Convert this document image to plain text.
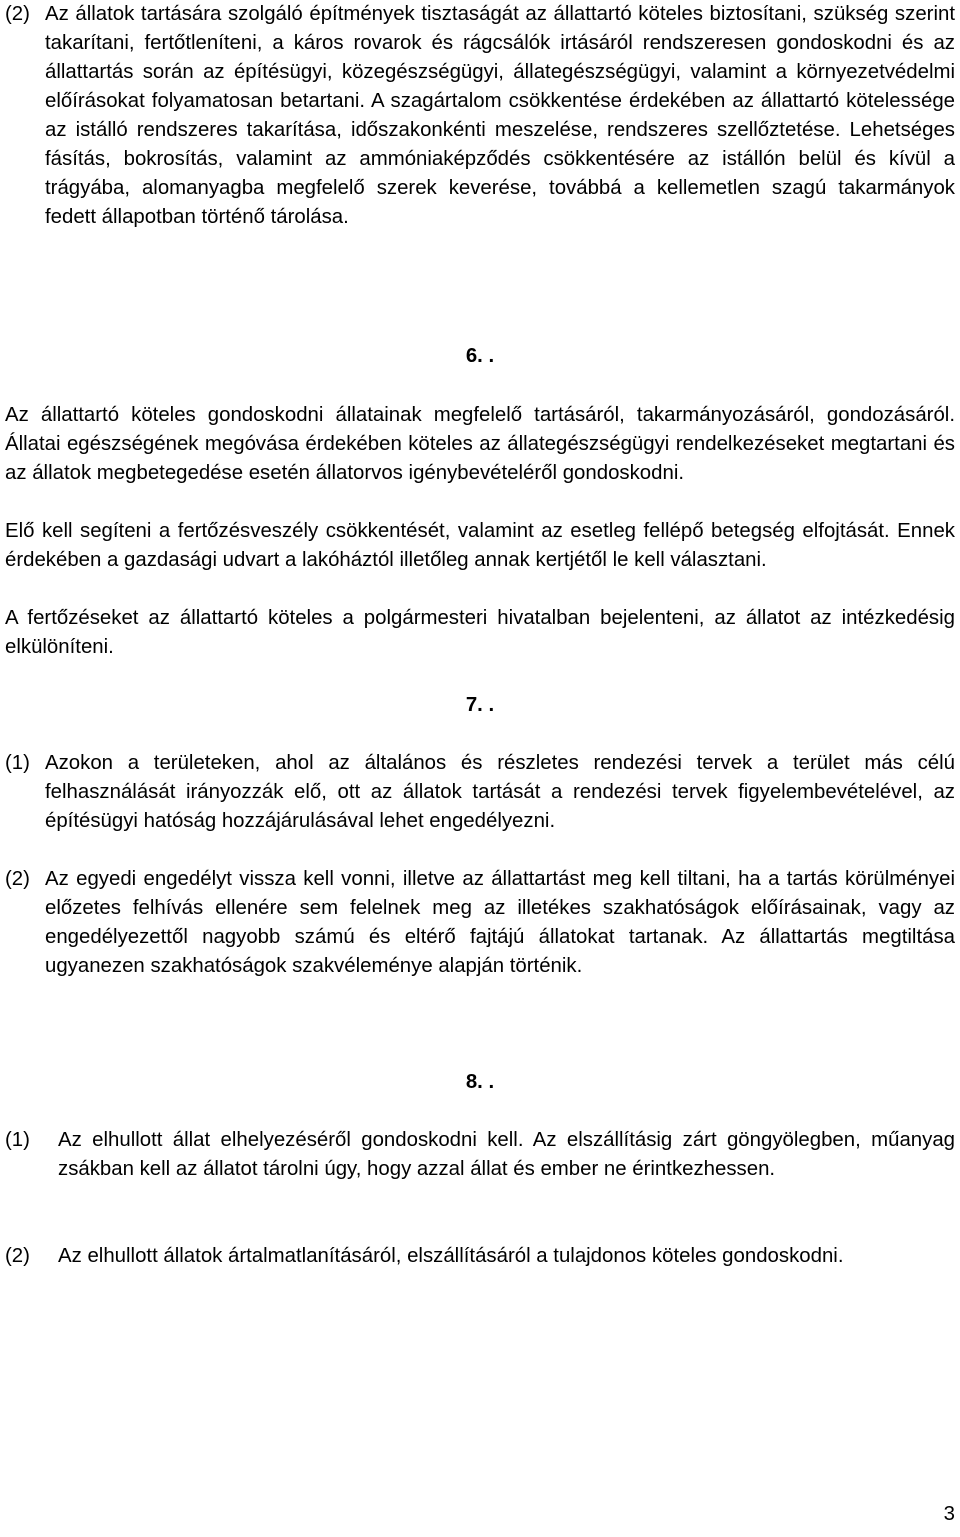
(2) Az állatok tartására szolgáló építmények tisztaságát az állattartó köteles biztosítani, szükség szerint takarítani, fertőtleníteni, a káros rovarok és rágcsálók irtásáról rendszeresen gondoskodni és az állattartás során az építésügyi, közegészségügyi, állategészségügyi, valamint a környezetvédelmi előírásokat folyamatosan betartani. A szagártalom csökkentése érdekében az állattartó kötelessége az istálló rendszeres takarítása, időszakonkénti meszelése, rendszeres szellőztetése. Lehetséges fásítás, bokrosítás, valamint az ammóniaképződés csökkentésére az istállón belül és kívül a trágyába, alomanyagba megfelelő szerek keverése, továbbá a kellemetlen szagú takarmányok fedett állapotban történő tárolása.

6. .

Az állattartó köteles gondoskodni állatainak megfelelő tartásáról, takarmányozásáról, gondozásáról. Állatai egészségének megóvása érdekében köteles az állategészségügyi rendelkezéseket megtartani és az állatok megbetegedése esetén állatorvos igénybevételéről gondoskodni.

Elő kell segíteni a fertőzésveszély csökkentését, valamint az esetleg fellépő betegség elfojtását. Ennek érdekében a gazdasági udvart a lakóháztól illetőleg annak kertjétől le kell választani.

A fertőzéseket az állattartó köteles a polgármesteri hivatalban bejelenteni, az állatot az intézkedésig elkülöníteni.

7. .

(1) Azokon a területeken, ahol az általános és részletes rendezési tervek a terület más célú felhasználását irányozzák elő, ott az állatok tartását a rendezési tervek figyelembevételével, az építésügyi hatóság hozzájárulásával lehet engedélyezni.

(2) Az egyedi engedélyt vissza kell vonni, illetve az állattartást meg kell tiltani, ha a tartás körülményei előzetes felhívás ellenére sem felelnek meg az illetékes szakhatóságok előírásainak, vagy az engedélyezettől nagyobb számú és eltérő fajtájú állatokat tartanak. Az állattartás megtiltása ugyanezen szakhatóságok szakvéleménye alapján történik.

8. .

(1) Az elhullott állat elhelyezéséről gondoskodni kell. Az elszállításig zárt göngyölegben, műanyag zsákban kell az állatot tárolni úgy, hogy azzal állat és ember ne érintkezhessen.

(2) Az elhullott állatok ártalmatlanításáról, elszállításáról a tulajdonos köteles gondoskodni.

3
